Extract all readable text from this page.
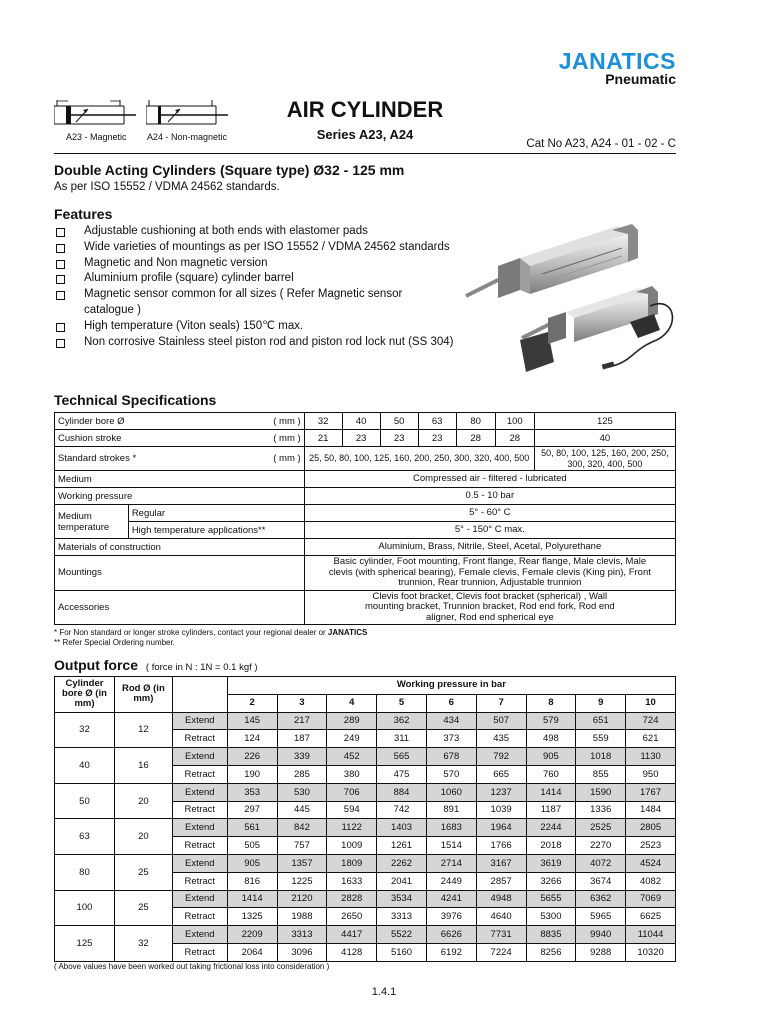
JANATICS
Pneumatic
A23 - Magnetic A24 - Non-magnetic
AIR CYLINDER
Series A23, A24
Cat No A23, A24 - 01 - 02 - C
Double Acting Cylinders (Square type) Ø32 - 125 mm
As per ISO 15552 / VDMA 24562 standards.
Features
Adjustable cushioning at both ends with elastomer pads
Wide varieties of mountings as per ISO 15552 / VDMA 24562 standards
Magnetic and Non magnetic version
Aluminium profile (square) cylinder barrel
Magnetic sensor common for all sizes ( Refer Magnetic sensor catalogue )
High temperature (Viton seals) 150℃ max.
Non corrosive Stainless steel piston rod and piston rod lock nut (SS 304)
Technical Specifications
Cylinder bore Ø ( mm )		32	40	50	63	80	100	125
Cushion stroke ( mm )		21	23	23	23	28	28	40
Standard strokes * ( mm )		25, 50, 80, 100, 125, 160, 200, 250, 300, 320, 400, 500						50, 80, 100, 125, 160, 200, 250, 300, 320, 400, 500
Medium		Compressed air - filtered - lubricated						
Working pressure		0.5 - 10 bar						
Medium temperature	Regular	5° - 60° C						
	High temperature applications**	5° - 150° C max.						
Materials of construction		Aluminium, Brass, Nitrile, Steel, Acetal, Polyurethane						
Mountings		Basic cylinder, Foot mounting, Front flange, Rear flange, Male clevis, Male clevis (with spherical bearing), Female clevis, Female clevis (King pin), Front trunnion, Rear trunnion, Adjustable trunnion						
Accessories		Clevis foot bracket, Clevis foot bracket (spherical) , Wall mounting bracket, Trunnion bracket, Rod end fork, Rod end aligner, Rod end spherical eye						
* For Non standard or longer stroke cylinders, contact your regional dealer or JANATICS
** Refer Special Ordering number.
Output force ( force in N : 1N = 0.1 kgf )
Cylinder bore Ø (in mm)	Rod Ø (in mm)		Working pressure in bar								
			2	3	4	5	6	7	8	9	10
32	12	Extend	145	217	289	362	434	507	579	651	724
		Retract	124	187	249	311	373	435	498	559	621
40	16	Extend	226	339	452	565	678	792	905	1018	1130
		Retract	190	285	380	475	570	665	760	855	950
50	20	Extend	353	530	706	884	1060	1237	1414	1590	1767
		Retract	297	445	594	742	891	1039	1187	1336	1484
63	20	Extend	561	842	1122	1403	1683	1964	2244	2525	2805
		Retract	505	757	1009	1261	1514	1766	2018	2270	2523
80	25	Extend	905	1357	1809	2262	2714	3167	3619	4072	4524
		Retract	816	1225	1633	2041	2449	2857	3266	3674	4082
100	25	Extend	1414	2120	2828	3534	4241	4948	5655	6362	7069
		Retract	1325	1988	2650	3313	3976	4640	5300	5965	6625
125	32	Extend	2209	3313	4417	5522	6626	7731	8835	9940	11044
		Retract	2064	3096	4128	5160	6192	7224	8256	9288	10320
( Above values have been worked out taking frictional loss into consideration )
1.4.1
